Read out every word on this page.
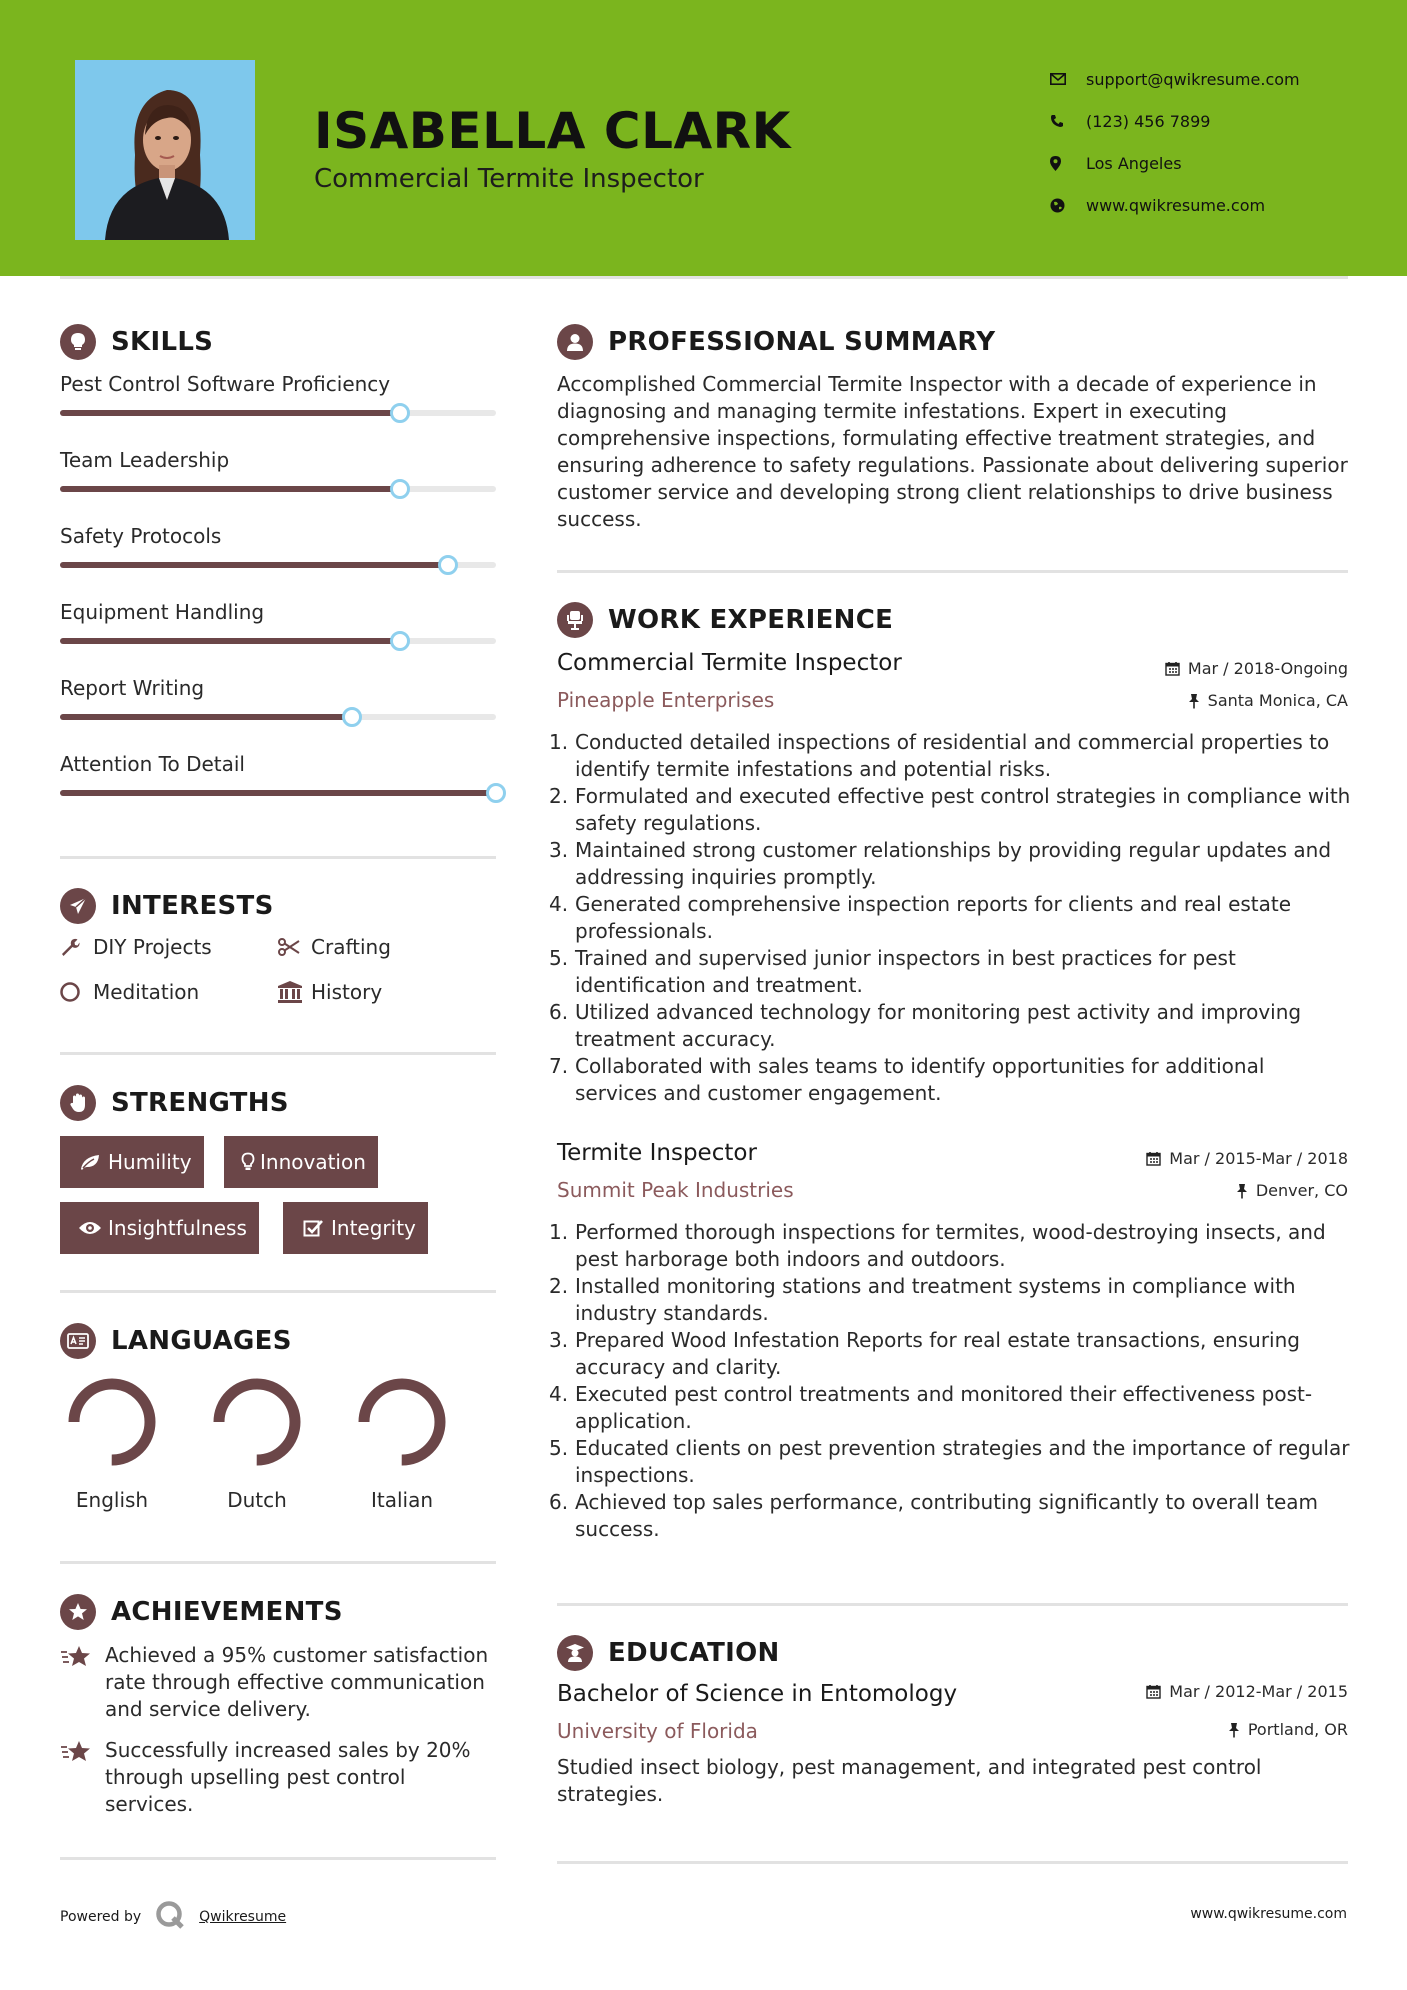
ISABELLA CLARK
Commercial Termite Inspector
support@qwikresume.com
(123) 456 7899
Los Angeles
www.qwikresume.com
SKILLS
Pest Control Software Proficiency
Team Leadership
Safety Protocols
Equipment Handling
Report Writing
Attention To Detail
INTERESTS
DIY Projects	Crafting
Meditation	History
STRENGTHS
Humility	Innovation
Insightfulness	Integrity
LANGUAGES
English	Dutch	Italian
ACHIEVEMENTS
Achieved a 95% customer satisfaction rate through effective communication and service delivery.
Successfully increased sales by 20% through upselling pest control services.
PROFESSIONAL SUMMARY
Accomplished Commercial Termite Inspector with a decade of experience in diagnosing and managing termite infestations. Expert in executing comprehensive inspections, formulating effective treatment strategies, and ensuring adherence to safety regulations. Passionate about delivering superior customer service and developing strong client relationships to drive business success.
WORK EXPERIENCE
Commercial Termite Inspector	Mar / 2018-Ongoing
Pineapple Enterprises	Santa Monica, CA
1. Conducted detailed inspections of residential and commercial properties to identify termite infestations and potential risks.
2. Formulated and executed effective pest control strategies in compliance with safety regulations.
3. Maintained strong customer relationships by providing regular updates and addressing inquiries promptly.
4. Generated comprehensive inspection reports for clients and real estate professionals.
5. Trained and supervised junior inspectors in best practices for pest identification and treatment.
6. Utilized advanced technology for monitoring pest activity and improving treatment accuracy.
7. Collaborated with sales teams to identify opportunities for additional services and customer engagement.
Termite Inspector	Mar / 2015-Mar / 2018
Summit Peak Industries	Denver, CO
1. Performed thorough inspections for termites, wood-destroying insects, and pest harborage both indoors and outdoors.
2. Installed monitoring stations and treatment systems in compliance with industry standards.
3. Prepared Wood Infestation Reports for real estate transactions, ensuring accuracy and clarity.
4. Executed pest control treatments and monitored their effectiveness post-application.
5. Educated clients on pest prevention strategies and the importance of regular inspections.
6. Achieved top sales performance, contributing significantly to overall team success.
EDUCATION
Bachelor of Science in Entomology	Mar / 2012-Mar / 2015
University of Florida	Portland, OR
Studied insect biology, pest management, and integrated pest control strategies.
Powered by	Qwikresume	www.qwikresume.com
